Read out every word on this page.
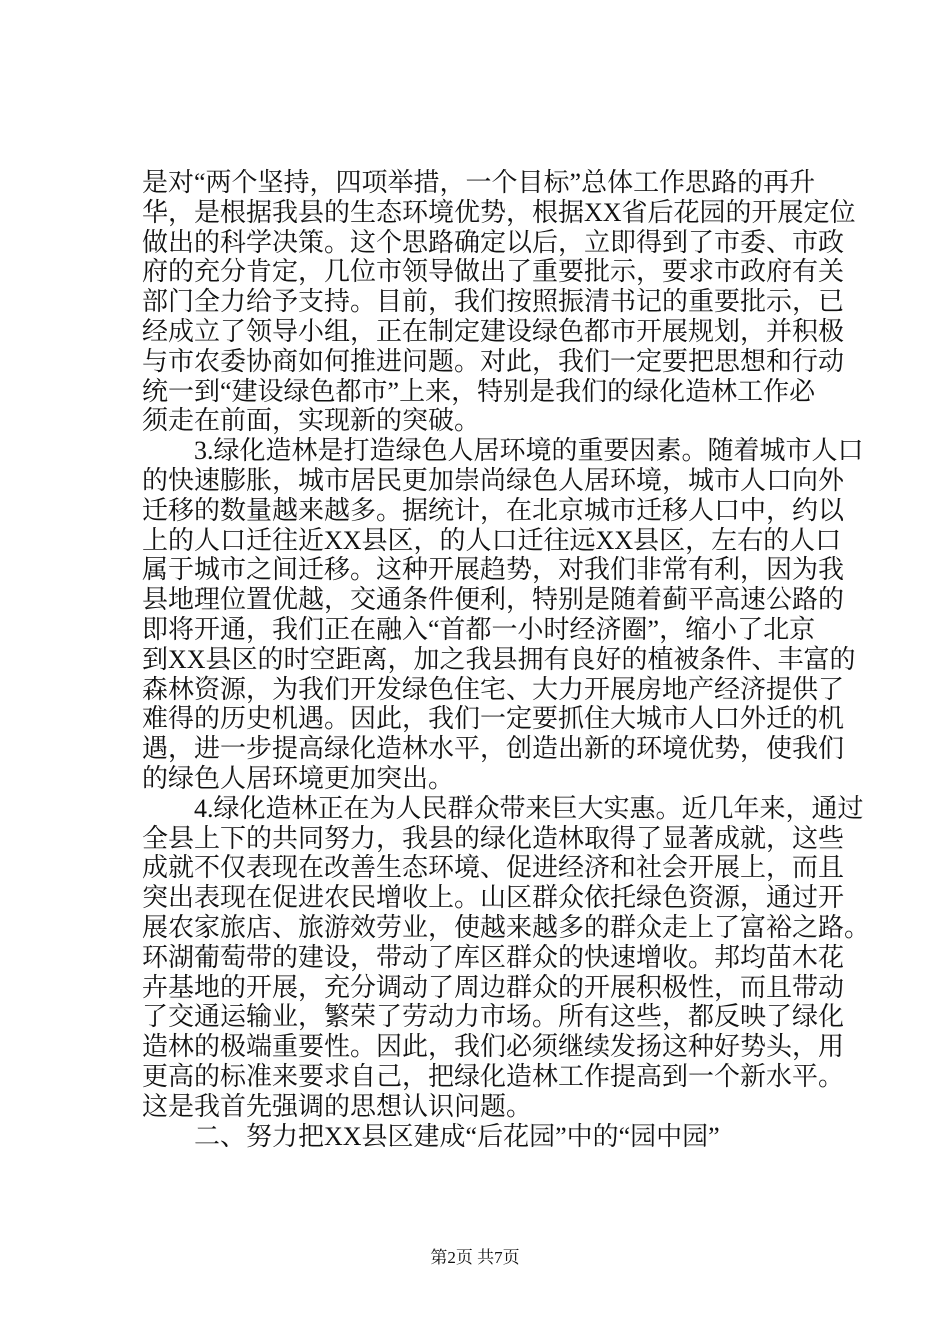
是对“两个坚持，四项举措，一个目标”总体工作思路的再升
华，是根据我县的生态环境优势，根据XX省后花园的开展定位
做出的科学决策。这个思路确定以后，立即得到了市委、市政
府的充分肯定，几位市领导做出了重要批示，要求市政府有关
部门全力给予支持。目前，我们按照振清书记的重要批示，已
经成立了领导小组，正在制定建设绿色都市开展规划，并积极
与市农委协商如何推进问题。对此，我们一定要把思想和行动
统一到“建设绿色都市”上来，特别是我们的绿化造林工作必
须走在前面，实现新的突破。
3.绿化造林是打造绿色人居环境的重要因素。随着城市人口
的快速膨胀，城市居民更加崇尚绿色人居环境，城市人口向外
迁移的数量越来越多。据统计，在北京城市迁移人口中，约以
上的人口迁往近XX县区，的人口迁往远XX县区，左右的人口
属于城市之间迁移。这种开展趋势，对我们非常有利，因为我
县地理位置优越，交通条件便利，特别是随着蓟平高速公路的
即将开通，我们正在融入“首都一小时经济圈”，缩小了北京
到XX县区的时空距离，加之我县拥有良好的植被条件、丰富的
森林资源，为我们开发绿色住宅、大力开展房地产经济提供了
难得的历史机遇。因此，我们一定要抓住大城市人口外迁的机
遇，进一步提高绿化造林水平，创造出新的环境优势，使我们
的绿色人居环境更加突出。
4.绿化造林正在为人民群众带来巨大实惠。近几年来，通过
全县上下的共同努力，我县的绿化造林取得了显著成就，这些
成就不仅表现在改善生态环境、促进经济和社会开展上，而且
突出表现在促进农民增收上。山区群众依托绿色资源，通过开
展农家旅店、旅游效劳业，使越来越多的群众走上了富裕之路。
环湖葡萄带的建设，带动了库区群众的快速增收。邦均苗木花
卉基地的开展，充分调动了周边群众的开展积极性，而且带动
了交通运输业，繁荣了劳动力市场。所有这些，都反映了绿化
造林的极端重要性。因此，我们必须继续发扬这种好势头，用
更高的标准来要求自己，把绿化造林工作提高到一个新水平。
这是我首先强调的思想认识问题。
二、努力把XX县区建成“后花园”中的“园中园”
第2页 共7页
